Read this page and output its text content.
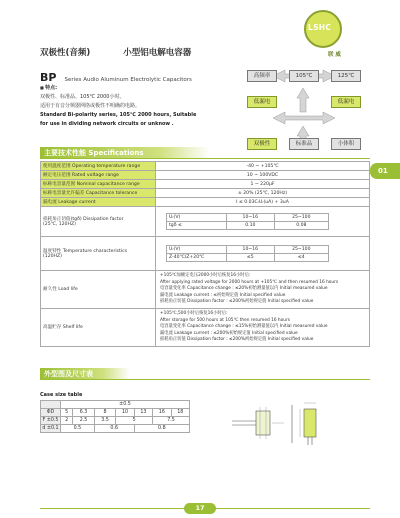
双极性(音频)	小型铝电解电容器
LSHC
联 威
BP Series Audio Aluminum Electrolytic Capacitors
■ 特点:
双极性、标准品、105℃ 2000小时。
适用于有音分频器网络或极性不明确的电路。
Standard Bi-polarity series, 105℃ 2000 hours, Suitable
for use in dividing network circuits or unknow .
高频率	105℃	125℃
低漏电	低漏电
双极性	标准品	小体积
主要技术性能 Specifications
01
使用温度范围 Operating temperature range	-40 ~ +105℃
额定电压范围 Rated voltage range	10 ~ 100VDC
标称电容量范围 Nominal capacitance range	1 ~ 220μF
标称电容量允许偏差 Capacitance tolerance	± 20% (25℃, 120Hz)
漏电流 Leakage current	I ≤ 0.03CᵣUᵣ(uA) + 3uA

损耗角正切值(tgδ) Dissipation factor
(25℃, 120HZ)

Uᵣ(V)	10~16	25~100
tgδ ≤	0.10	0.08

温度特性 Temperature characteristics
(120HZ)

Uᵣ(V)	10~16	25~100
Z-40℃/Z+20℃	≤5	≤4

耐久性 Load life	
+105℃加额定电压2000小时后恢复16小时后:
After applying rated voltage for 2000 hours at +105℃ and then resumed 16 hours
电容量变化率 Capacitance change : ≤20%初始测量值以内 Initial measured value
漏电流 Leakage current : ≤初始规定值 Initial specified value
损耗角正切值 Dissipation factor : ≤200%初始规定值 Initial specified value

高温贮存 Shelf life	
+105℃,500小时后恢复16小时后:
After storage for 500 hours at 105℃ then resumed 16 hours
电容量变化率 Capacitance change : ≤15%初始测量值以内 Initial measured value
漏电流 Leakage current : ≤200%初始规定值 Initial specified value
损耗角正切值 Dissipation factor : ≤200%初始规定值 Initial specified value
外型图及尺寸表
Case size table
	±0.5						
ΦD	5	6.3	8	10	13	16	18
F ±0.5	2	2.5	3.5	5		7.5	
d ±0.1	0.5		0.6		0.8		
17
